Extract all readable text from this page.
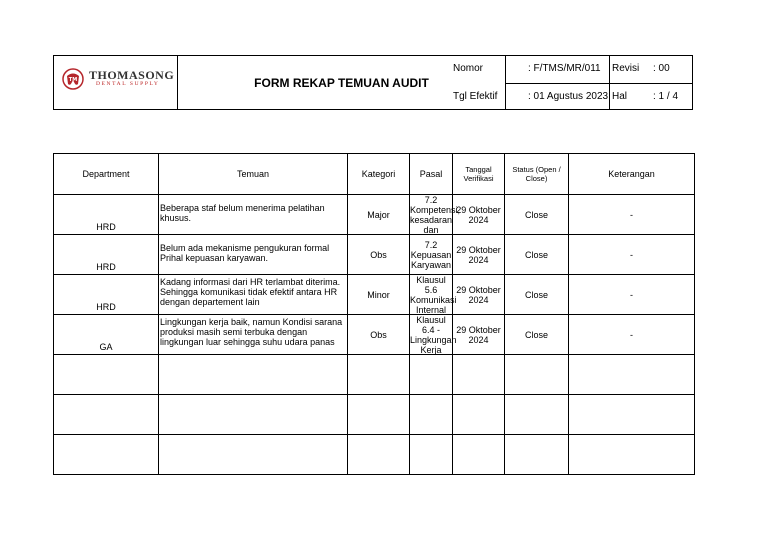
TM THOMASONG
DENTAL SUPPLY	FORM REKAP TEMUAN AUDIT
Nomor	: F/TMS/MR/011 Revisi : 00
Tgl Efektif	: 01 Agustus 2023 Hal	: 1 / 4
Department	Temuan	Kategori	Pasal	Tanggal Verifikasi	Status (Open / Close)	Keterangan
HRD	Beberapa staf belum menerima pelatihan khusus.	Major	7.2 Kompetensi, kesadaran dan	29 Oktober 2024	Close	-
HRD	Belum ada mekanisme pengukuran formal Prihal kepuasan karyawan.	Obs	7.2 Kepuasan Karyawan	29 Oktober 2024	Close	-
HRD	Kadang informasi dari HR terlambat diterima. Sehingga komunikasi tidak efektif antara HR dengan departement lain	Minor	Klausul 5.6 Komunikasi Internal	29 Oktober 2024	Close	-
GA	Lingkungan kerja baik, namun Kondisi sarana produksi masih semi terbuka dengan lingkungan luar sehingga suhu udara panas	Obs	Klausul 6.4 - Lingkungan Kerja	29 Oktober 2024	Close	-
